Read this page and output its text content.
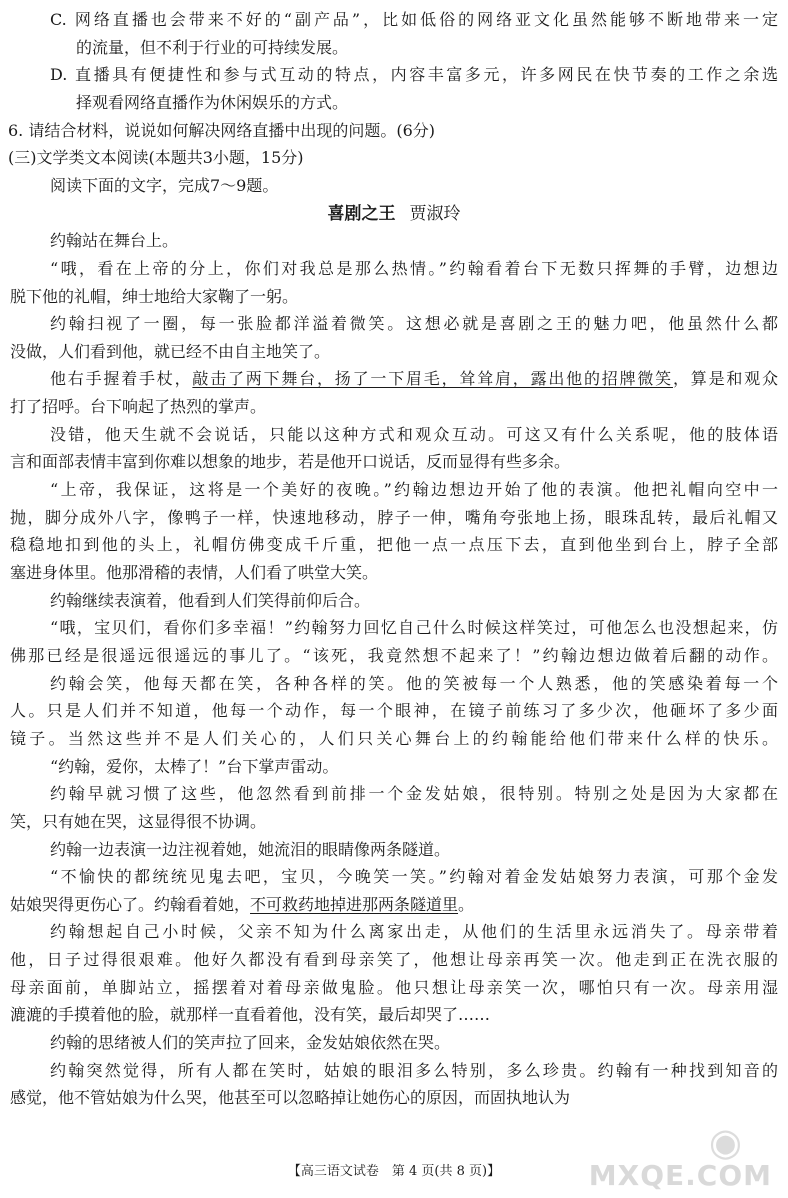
C. 网络直播也会带来不好的“副产品”，比如低俗的网络亚文化虽然能够不断地带来一定
的流量，但不利于行业的可持续发展。
D. 直播具有便捷性和参与式互动的特点，内容丰富多元，许多网民在快节奏的工作之余选
择观看网络直播作为休闲娱乐的方式。
6. 请结合材料，说说如何解决网络直播中出现的问题。(6分)
(三)文学类文本阅读(本题共3小题，15分)
阅读下面的文字，完成7～9题。
喜剧之王 贾淑玲
约翰站在舞台上。
“哦，看在上帝的分上，你们对我总是那么热情。”约翰看着台下无数只挥舞的手臂，边想边
脱下他的礼帽，绅士地给大家鞠了一躬。
约翰扫视了一圈，每一张脸都洋溢着微笑。这想必就是喜剧之王的魅力吧，他虽然什么都
没做，人们看到他，就已经不由自主地笑了。
他右手握着手杖，敲击了两下舞台，扬了一下眉毛，耸耸肩，露出他的招牌微笑，算是和观众
打了招呼。台下响起了热烈的掌声。
没错，他天生就不会说话，只能以这种方式和观众互动。可这又有什么关系呢，他的肢体语
言和面部表情丰富到你难以想象的地步，若是他开口说话，反而显得有些多余。
“上帝，我保证，这将是一个美好的夜晚。”约翰边想边开始了他的表演。他把礼帽向空中一
抛，脚分成外八字，像鸭子一样，快速地移动，脖子一伸，嘴角夸张地上扬，眼珠乱转，最后礼帽又
稳稳地扣到他的头上，礼帽仿佛变成千斤重，把他一点一点压下去，直到他坐到台上，脖子全部
塞进身体里。他那滑稽的表情，人们看了哄堂大笑。
约翰继续表演着，他看到人们笑得前仰后合。
“哦，宝贝们，看你们多幸福！”约翰努力回忆自己什么时候这样笑过，可他怎么也没想起来，仿
佛那已经是很遥远很遥远的事儿了。“该死，我竟然想不起来了！”约翰边想边做着后翻的动作。
约翰会笑，他每天都在笑，各种各样的笑。他的笑被每一个人熟悉，他的笑感染着每一个
人。只是人们并不知道，他每一个动作，每一个眼神，在镜子前练习了多少次，他砸坏了多少面
镜子。当然这些并不是人们关心的，人们只关心舞台上的约翰能给他们带来什么样的快乐。
“约翰，爱你，太棒了！”台下掌声雷动。
约翰早就习惯了这些，他忽然看到前排一个金发姑娘，很特别。特别之处是因为大家都在
笑，只有她在哭，这显得很不协调。
约翰一边表演一边注视着她，她流泪的眼睛像两条隧道。
“不愉快的都统统见鬼去吧，宝贝，今晚笑一笑。”约翰对着金发姑娘努力表演，可那个金发
姑娘哭得更伤心了。约翰看着她，不可救药地掉进那两条隧道里。
约翰想起自己小时候，父亲不知为什么离家出走，从他们的生活里永远消失了。母亲带着
他，日子过得很艰难。他好久都没有看到母亲笑了，他想让母亲再笑一次。他走到正在洗衣服的
母亲面前，单脚站立，摇摆着对着母亲做鬼脸。他只想让母亲笑一次，哪怕只有一次。母亲用湿
漉漉的手摸着他的脸，就那样一直看着他，没有笑，最后却哭了……
约翰的思绪被人们的笑声拉了回来，金发姑娘依然在哭。
约翰突然觉得，所有人都在笑时，姑娘的眼泪多么特别，多么珍贵。约翰有一种找到知音的
感觉，他不管姑娘为什么哭，他甚至可以忽略掉让她伤心的原因，而固执地认为
【高三语文试卷　第 4 页(共 8 页)】
◉
MXQE.COM
